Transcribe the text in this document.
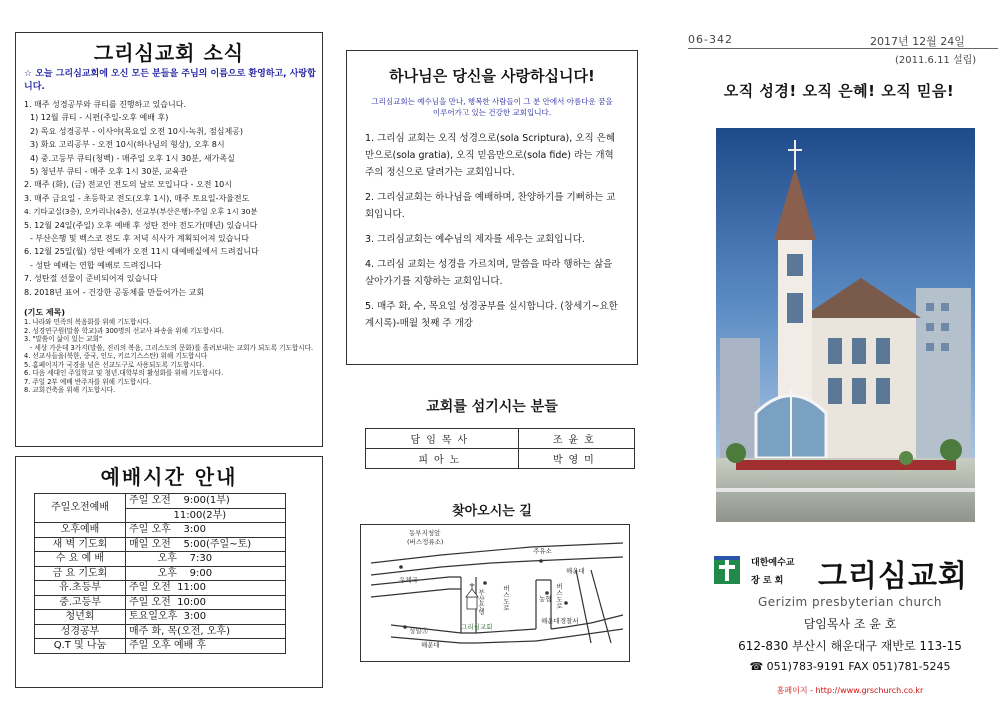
그리심교회 소식
☆ 오늘 그리심교회에 오신 모든 분들을 주님의 이름으로 환영하고, 사랑합니다.
1. 매주 성경공부와 큐티를 진행하고 있습니다.
1) 12월 큐티 - 시편(주일-오후 예배 후)
2) 목요 성경공부 - 이사야(목요일 오전 10시-녹취, 점심제공)
3) 화요 고리공부 - 오전 10시(하나님의 형상), 오후 8시
4) 중.고등부 큐티(청백) - 매주일 오후 1시 30분, 새가족실
5) 청년부 큐티 - 매주 오후 1시 30분, 교육관
2. 매주 (화), (금) 전교인 전도의 날로 모입니다 - 오전 10시
3. 매주 금요일 - 초등학교 전도(오후 1시), 매주 토요일-자율전도
4. 기타교실(3층), 오카리나(4층), 선교부(부산은행)-주일 오후 1시 30분
5. 12월 24일(주일) 오후 예배 후 성탄 전야 전도가(매년) 있습니다
- 부산은행 및 벡스코 전도 후 저녁 식사가 계획되어져 있습니다
6. 12월 25일(월) 성탄 예배가 오전 11시 대예배실에서 드려집니다
- 성탄 예배는 연합 예배로 드려집니다
7. 성탄절 선물이 준비되어져 있습니다
8. 2018년 표어 - 건강한 공동체를 만들어가는 교회
(기도 제목)
1. 나라와 민족의 복음화를 위해 기도합시다.
2. 성경연구원(말씀 학교)과 300명의 선교사 파송을 위해 기도합시다.
3. "말씀이 삶이 있는 교회"
- 세상 가운데 3가지(말씀, 진리의 복음, 그리스도의 문화)를 흘려보내는 교회가 되도록 기도합시다.
4. 선교사들을(북한, 중국, 인도, 키르기스스탄) 위해 기도합시다
5. 홈페이지가 국경을 넘은 선교도구로 사용되도록 기도합시다.
6. 다음 세대인 주일학교 및 청년.대학부의 활성화를 위해 기도합시다.
7. 주일 2부 예배 반주자를 위해 기도합시다.
8. 교회건축을 위해 기도합시다.
예배시간 안내
주일오전예배	주일 오전    9:00(1부)
	11:00(2부)
오후예배	주일 오후    3:00
새 벽 기도회	매일 오전    5:00(주일~토)
수 요 예 배	오후    7:30
금 요 기도회	오후    9:00
유.초등부	주일 오전  11:00
중.고등부	주일 오전  10:00
청년회	토요일오후  3:00
성경공부	매주 화, 목(오전, 오후)
Q.T 및 나눔	주일 오후 예배 후
하나님은 당신을 사랑하십니다!
그리심교회는 예수님을 만나, 행복한 사람들이 그 분 안에서 아름다운 꿈을 이루어가고 있는 건강한 교회입니다.
1. 그리심 교회는 오직 성경으로(sola Scriptura), 오직 은혜만으로(sola gratia), 오직 믿음만으로(sola fide) 라는 개혁주의 정신으로 달려가는 교회입니다.
2. 그리심교회는 하나님을 예배하며, 찬양하기를 기뻐하는 교회입니다.
3. 그리심교회는 예수님의 제자를 세우는 교회입니다.
4. 그리심 교회는 성경을 가르치며, 말씀을 따라 행하는 삶을 살아가기를 지향하는 교회입니다.
5. 매주 화, 수, 목요일 성경공부를 실시합니다. (창세기~요한계시록)-매월 첫째 주 개강
교회를 섬기시는 분들
담임목사	조윤호
피아노	박영미
찾아오시는 길
동부지청앞
(버스정류소)
주유소
우체국
해운대
부산은행	버스도로	버스도로
농협
성일Ⓐ	그리심교회
해운대
해운대경찰서
06-342	2017년 12월 24일
(2011.6.11 설립)
오직 성경! 오직 은혜! 오직 믿음!
대한예수교
장 로 회	그리심교회
Gerizim presbyterian church
담임목사 조 윤 호
612-830 부산시 해운대구 재반로 113-15
☎ 051)783-9191 FAX 051)781-5245
홈페이지 - http://www.grschurch.co.kr
